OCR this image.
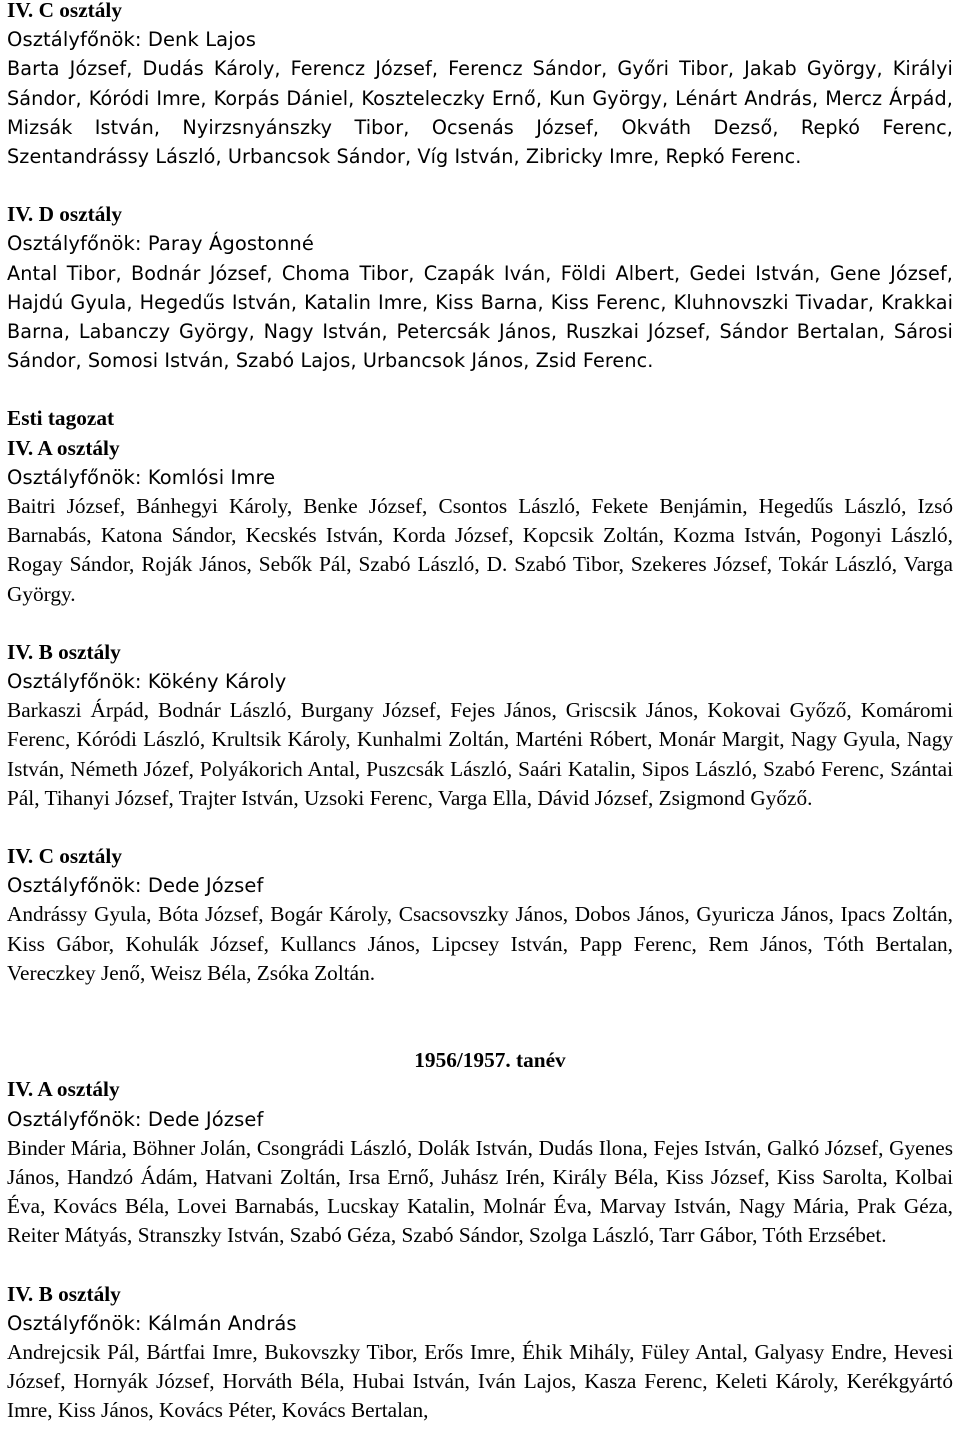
IV. C osztály

Osztályfőnök: Denk Lajos

Barta József, Dudás Károly, Ferencz József, Ferencz Sándor, Győri Tibor, Jakab György, Királyi Sándor, Kóródi Imre, Korpás Dániel, Koszteleczky Ernő, Kun György, Lénárt András, Mercz Árpád, Mizsák István, Nyirzsnyánszky Tibor, Ocsenás József, Okváth Dezső, Repkó Ferenc, Szentandrássy László, Urbancsok Sándor, Víg István, Zibricky Imre, Repkó Ferenc.

IV. D osztály

Osztályfőnök: Paray Ágostonné

Antal Tibor, Bodnár József, Choma Tibor, Czapák Iván, Földi Albert, Gedei István, Gene József, Hajdú Gyula, Hegedűs István, Katalin Imre, Kiss Barna, Kiss Ferenc, Kluhnovszki Tivadar, Krakkai Barna, Labanczy György, Nagy István, Petercsák János, Ruszkai József, Sándor Bertalan, Sárosi Sándor, Somosi István, Szabó Lajos, Urbancsok János, Zsid Ferenc.

Esti tagozat

IV. A osztály

Osztályfőnök: Komlósi Imre

Baitri József, Bánhegyi Károly, Benke József, Csontos László, Fekete Benjámin, Hegedűs László, Izsó Barnabás, Katona Sándor, Kecskés István, Korda József, Kopcsik Zoltán, Kozma István, Pogonyi László, Rogay Sándor, Roják János, Sebők Pál, Szabó László, D. Szabó Tibor, Szekeres József, Tokár László, Varga György.

IV. B osztály

Osztályfőnök: Kökény Károly

Barkaszi Árpád, Bodnár László, Burgany József, Fejes János, Griscsik János, Kokovai Győző, Komáromi Ferenc, Kóródi László, Krultsik Károly, Kunhalmi Zoltán, Marténi Róbert, Monár Margit, Nagy Gyula, Nagy István, Németh Józef, Polyákorich Antal, Puszcsák László, Saári Katalin, Sipos László, Szabó Ferenc, Szántai Pál, Tihanyi József, Trajter István, Uzsoki Ferenc, Varga Ella, Dávid József, Zsigmond Győző.

IV. C osztály

Osztályfőnök: Dede József

Andrássy Gyula, Bóta József, Bogár Károly, Csacsovszky János, Dobos János, Gyuricza János, Ipacs Zoltán, Kiss Gábor, Kohulák József, Kullancs János, Lipcsey István, Papp Ferenc, Rem János, Tóth Bertalan, Vereczkey Jenő, Weisz Béla, Zsóka Zoltán.

1956/1957. tanév

IV. A osztály

Osztályfőnök: Dede József

Binder Mária, Böhner Jolán, Csongrádi László, Dolák István, Dudás Ilona, Fejes István, Galkó József, Gyenes János, Handzó Ádám, Hatvani Zoltán, Irsa Ernő, Juhász Irén, Király Béla, Kiss József, Kiss Sarolta, Kolbai Éva, Kovács Béla, Lovei Barnabás, Lucskay Katalin, Molnár Éva, Marvay István, Nagy Mária, Prak Géza, Reiter Mátyás, Stranszky István, Szabó Géza, Szabó Sándor, Szolga László, Tarr Gábor, Tóth Erzsébet.

IV. B osztály

Osztályfőnök: Kálmán András

Andrejcsik Pál, Bártfai Imre, Bukovszky Tibor, Erős Imre, Éhik Mihály, Füley Antal, Galyasy Endre, Hevesi József, Hornyák József, Horváth Béla, Hubai István, Iván Lajos, Kasza Ferenc, Keleti Károly, Kerékgyártó Imre, Kiss János, Kovács Péter, Kovács Bertalan,
